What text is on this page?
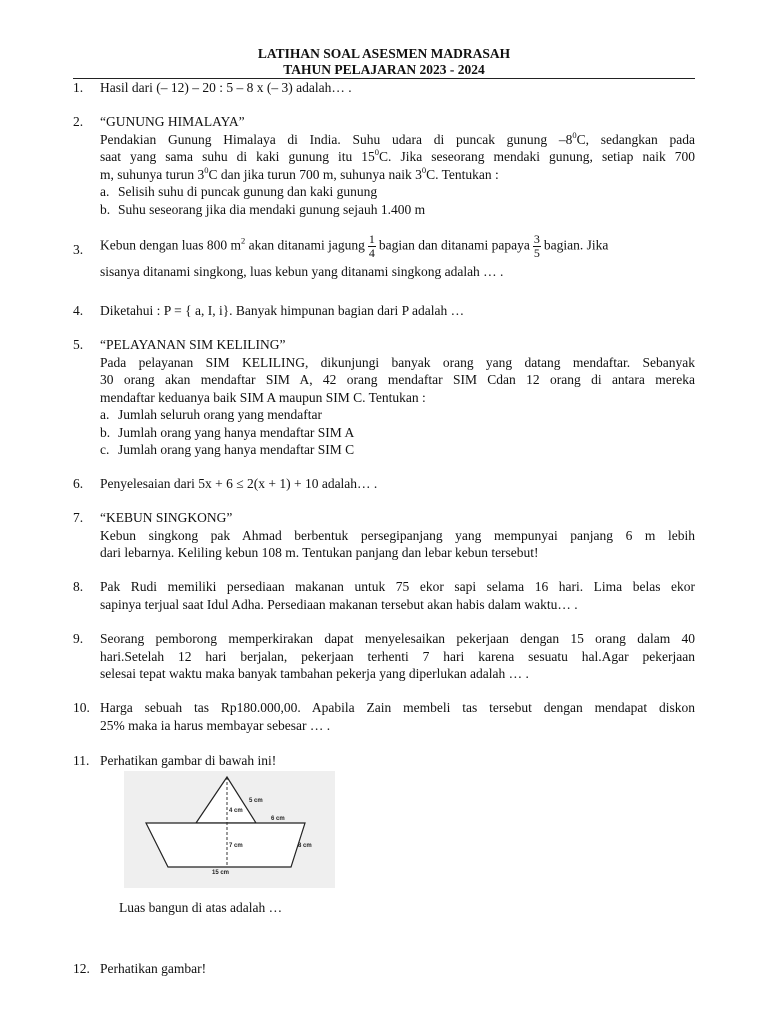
LATIHAN SOAL ASESMEN MADRASAH
TAHUN PELAJARAN 2023 - 2024
1. Hasil dari (– 12) – 20 : 5 – 8 x (– 3) adalah… .
2. “GUNUNG HIMALAYA”
Pendakian Gunung Himalaya di India. Suhu udara di puncak gunung $-8^0C$, sedangkan pada
saat yang sama suhu di kaki gunung itu $15^0C$. Jika seseorang mendaki gunung, setiap naik 700
m, suhunya turun $3^0C$ dan jika turun 700 m, suhunya naik $3^0C$. Tentukan :
a. Selisih suhu di puncak gunung dan kaki gunung
b. Suhu seseorang jika dia mendaki gunung sejauh 1.400 m
3. Kebun dengan luas 800 $m^2$ akan ditanami jagung $\frac{1}{4}$ bagian dan ditanami papaya $\frac{3}{5}$ bagian. Jika
sisanya ditanami singkong, luas kebun yang ditanami singkong adalah … .
4. Diketahui : P = { a, I, i}. Banyak himpunan bagian dari P adalah …
5. “PELAYANAN SIM KELILING”
Pada pelayanan SIM KELILING, dikunjungi banyak orang yang datang mendaftar. Sebanyak
30 orang akan mendaftar SIM A, 42 orang mendaftar SIM Cdan 12 orang di antara mereka
mendaftar keduanya baik SIM A maupun SIM C. Tentukan :
a. Jumlah seluruh orang yang mendaftar
b. Jumlah orang yang hanya mendaftar SIM A
c. Jumlah orang yang hanya mendaftar SIM C
6. Penyelesaian dari 5x + 6 ≤ 2(x + 1) + 10 adalah… .
7. “KEBUN SINGKONG”
Kebun singkong pak Ahmad berbentuk persegipanjang yang mempunyai panjang 6 m lebih
dari lebarnya. Keliling kebun 108 m. Tentukan panjang dan lebar kebun tersebut!
8. Pak Rudi memiliki persediaan makanan untuk 75 ekor sapi selama 16 hari. Lima belas ekor
sapinya terjual saat Idul Adha. Persediaan makanan tersebut akan habis dalam waktu… .
9. Seorang pemborong memperkirakan dapat menyelesaikan pekerjaan dengan 15 orang dalam 40
hari.Setelah 12 hari berjalan, pekerjaan terhenti 7 hari karena sesuatu hal.Agar pekerjaan
selesai tepat waktu maka banyak tambahan pekerja yang diperlukan adalah … .
10. Harga sebuah tas Rp180.000,00. Apabila Zain membeli tas tersebut dengan mendapat diskon
25% maka ia harus membayar sebesar … .
11. Perhatikan gambar di bawah ini!
5 cm
4 cm
6 cm
7 cm	8 cm
15 cm
Luas bangun di atas adalah …
12. Perhatikan gambar!
